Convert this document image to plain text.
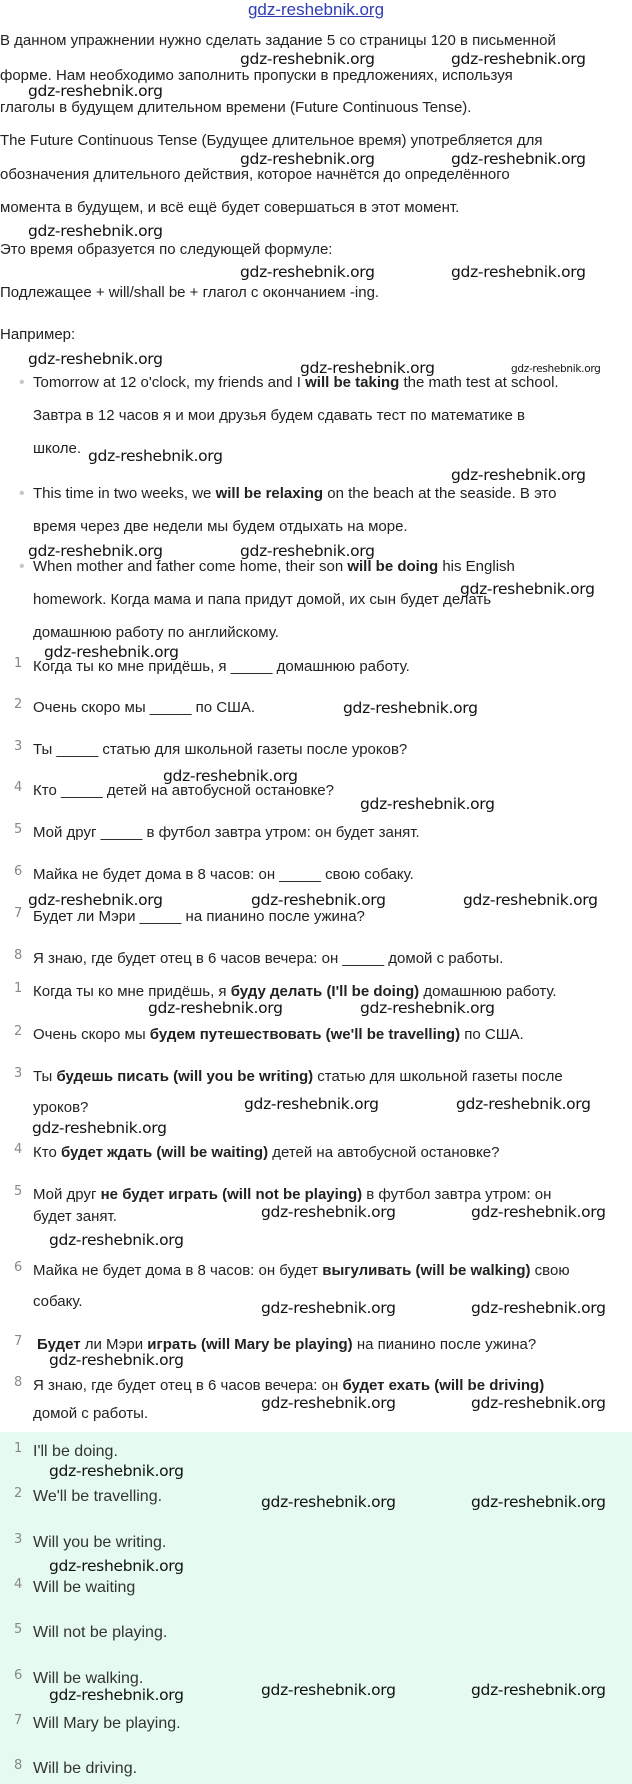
gdz-reshebnik.org
В данном упражнении нужно сделать задание 5 со страницы 120 в письменной
форме. Нам необходимо заполнить пропуски в предложениях, используя
глаголы в будущем длительном времени (Future Continuous Tense).
The Future Continuous Tense (Будущее длительное время) употребляется для
обозначения длительного действия, которое начнётся до определённого
момента в будущем, и всё ещё будет совершаться в этот момент.
Это время образуется по следующей формуле:
Подлежащее + will/shall be + глагол с окончанием -ing.
Например:
• Tomorrow at 12 o'clock, my friends and I will be taking the math test at school.
Завтра в 12 часов я и мои друзья будем сдавать тест по математике в
школе.
• This time in two weeks, we will be relaxing on the beach at the seaside. В это
время через две недели мы будем отдыхать на море.
• When mother and father come home, their son will be doing his English
homework. Когда мама и папа придут домой, их сын будет делать
домашнюю работу по английскому.
1 Когда ты ко мне придёшь, я _____ домашнюю работу.
2 Очень скоро мы _____ по США.
3 Ты _____ статью для школьной газеты после уроков?
4 Кто _____ детей на автобусной остановке?
5 Мой друг _____ в футбол завтра утром: он будет занят.
6 Майка не будет дома в 8 часов: он _____ свою собаку.
7 Будет ли Мэри _____ на пианино после ужина?
8 Я знаю, где будет отец в 6 часов вечера: он _____ домой с работы.
1 Когда ты ко мне придёшь, я буду делать (I'll be doing) домашнюю работу.
2 Очень скоро мы будем путешествовать (we'll be travelling) по США.
3 Ты будешь писать (will you be writing) статью для школьной газеты после
уроков?
4 Кто будет ждать (will be waiting) детей на автобусной остановке?
5 Мой друг не будет играть (will not be playing) в футбол завтра утром: он
будет занят.
6 Майка не будет дома в 8 часов: он будет выгуливать (will be walking) свою
собаку.
7 Будет ли Мэри играть (will Mary be playing) на пианино после ужина?
8 Я знаю, где будет отец в 6 часов вечера: он будет ехать (will be driving)
домой с работы.
1 I'll be doing.
2 We'll be travelling.
3 Will you be writing.
4 Will be waiting
5 Will not be playing.
6 Will be walking.
7 Will Mary be playing.
8 Will be driving.
gdz-reshebnik.org	gdz-reshebnik.org
gdz-reshebnik.org
gdz-reshebnik.org	gdz-reshebnik.org
gdz-reshebnik.org
gdz-reshebnik.org	gdz-reshebnik.org
gdz-reshebnik.org	gdz-reshebnik.org	gdz-reshebnik.org
gdz-reshebnik.org
gdz-reshebnik.org
gdz-reshebnik.org	gdz-reshebnik.org
gdz-reshebnik.org
gdz-reshebnik.org
gdz-reshebnik.org
gdz-reshebnik.org
gdz-reshebnik.org
gdz-reshebnik.org	gdz-reshebnik.org	gdz-reshebnik.org
gdz-reshebnik.org	gdz-reshebnik.org
gdz-reshebnik.org	gdz-reshebnik.org
gdz-reshebnik.org
gdz-reshebnik.org	gdz-reshebnik.org
gdz-reshebnik.org
gdz-reshebnik.org	gdz-reshebnik.org
gdz-reshebnik.org
gdz-reshebnik.org	gdz-reshebnik.org
gdz-reshebnik.org
gdz-reshebnik.org	gdz-reshebnik.org
gdz-reshebnik.org
gdz-reshebnik.org	gdz-reshebnik.org
gdz-reshebnik.org
